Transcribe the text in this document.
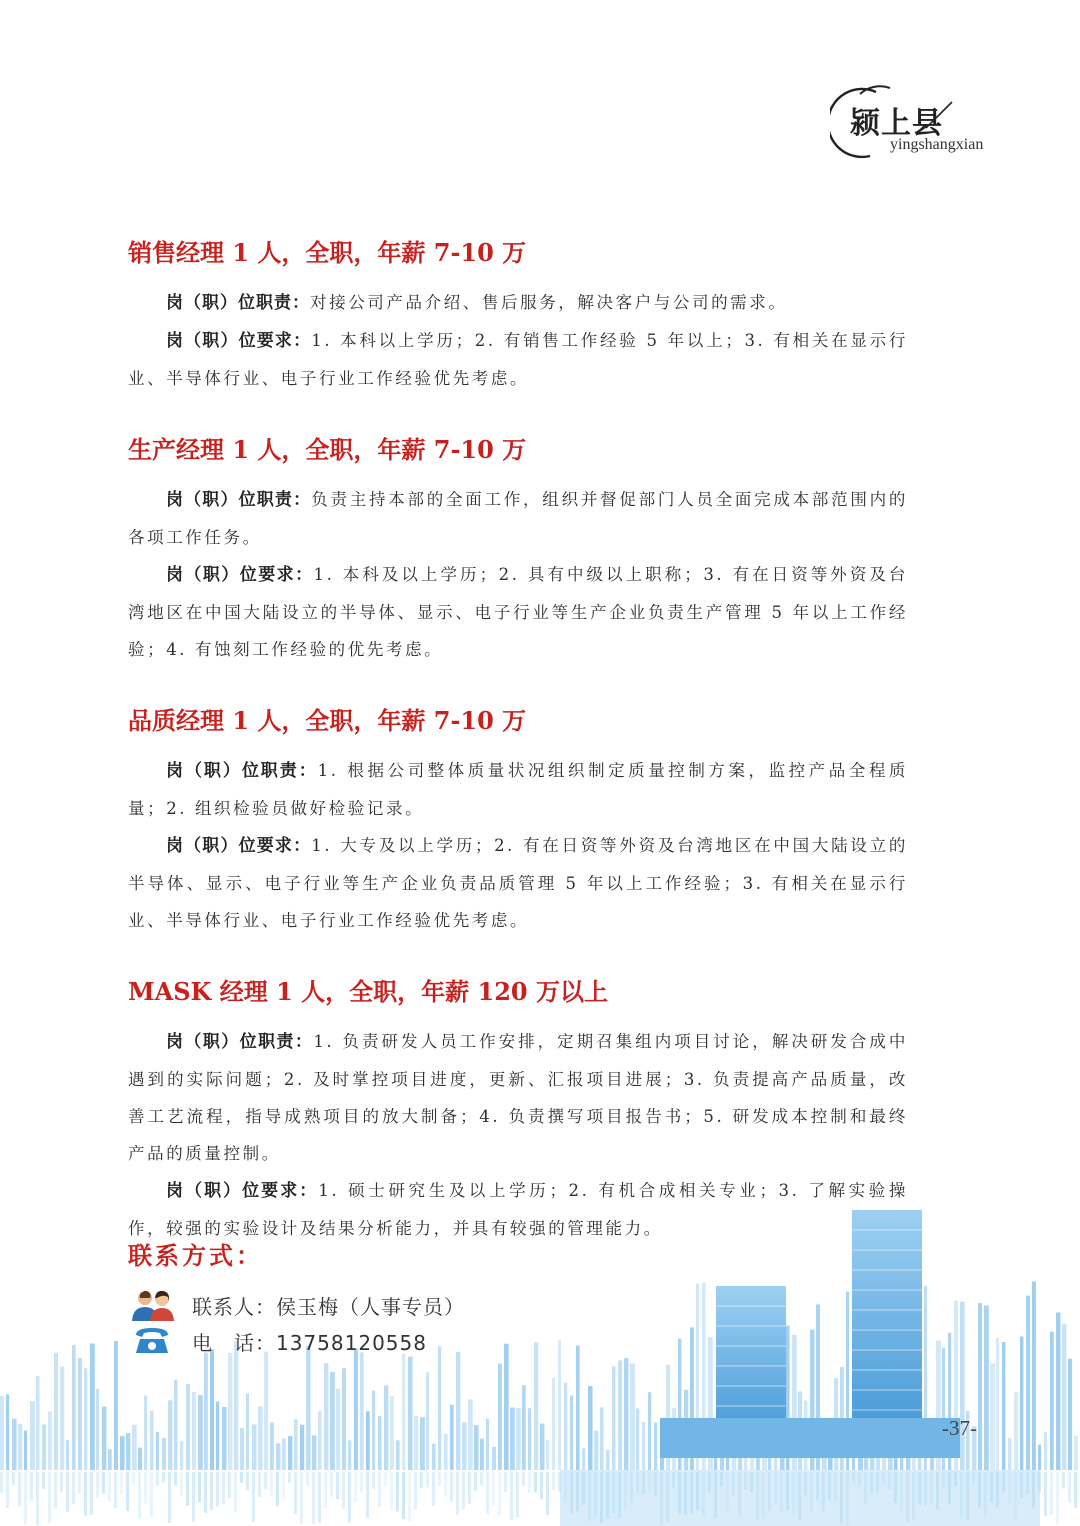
颍上县
yingshangxian
销售经理 1 人，全职，年薪 7-10 万

岗（职）位职责：对接公司产品介绍、售后服务，解决客户与公司的需求。

岗（职）位要求：1. 本科以上学历；2. 有销售工作经验 5 年以上；3. 有相关在显示行业、半导体行业、电子行业工作经验优先考虑。

生产经理 1 人，全职，年薪 7-10 万

岗（职）位职责：负责主持本部的全面工作，组织并督促部门人员全面完成本部范围内的各项工作任务。

岗（职）位要求：1. 本科及以上学历；2. 具有中级以上职称；3. 有在日资等外资及台湾地区在中国大陆设立的半导体、显示、电子行业等生产企业负责生产管理 5 年以上工作经验；4. 有蚀刻工作经验的优先考虑。

品质经理 1 人，全职，年薪 7-10 万

岗（职）位职责：1. 根据公司整体质量状况组织制定质量控制方案，监控产品全程质量；2. 组织检验员做好检验记录。

岗（职）位要求：1. 大专及以上学历；2. 有在日资等外资及台湾地区在中国大陆设立的半导体、显示、电子行业等生产企业负责品质管理 5 年以上工作经验；3. 有相关在显示行业、半导体行业、电子行业工作经验优先考虑。

MASK 经理 1 人，全职，年薪 120 万以上

岗（职）位职责：1. 负责研发人员工作安排，定期召集组内项目讨论，解决研发合成中遇到的实际问题；2. 及时掌控项目进度，更新、汇报项目进展；3. 负责提高产品质量，改善工艺流程，指导成熟项目的放大制备；4. 负责撰写项目报告书；5. 研发成本控制和最终产品的质量控制。

岗（职）位要求：1. 硕士研究生及以上学历；2. 有机合成相关专业；3. 了解实验操作，较强的实验设计及结果分析能力，并具有较强的管理能力。

联系方式：
联系人：侯玉梅（人事专员）
电　话：13758120558
-37-
